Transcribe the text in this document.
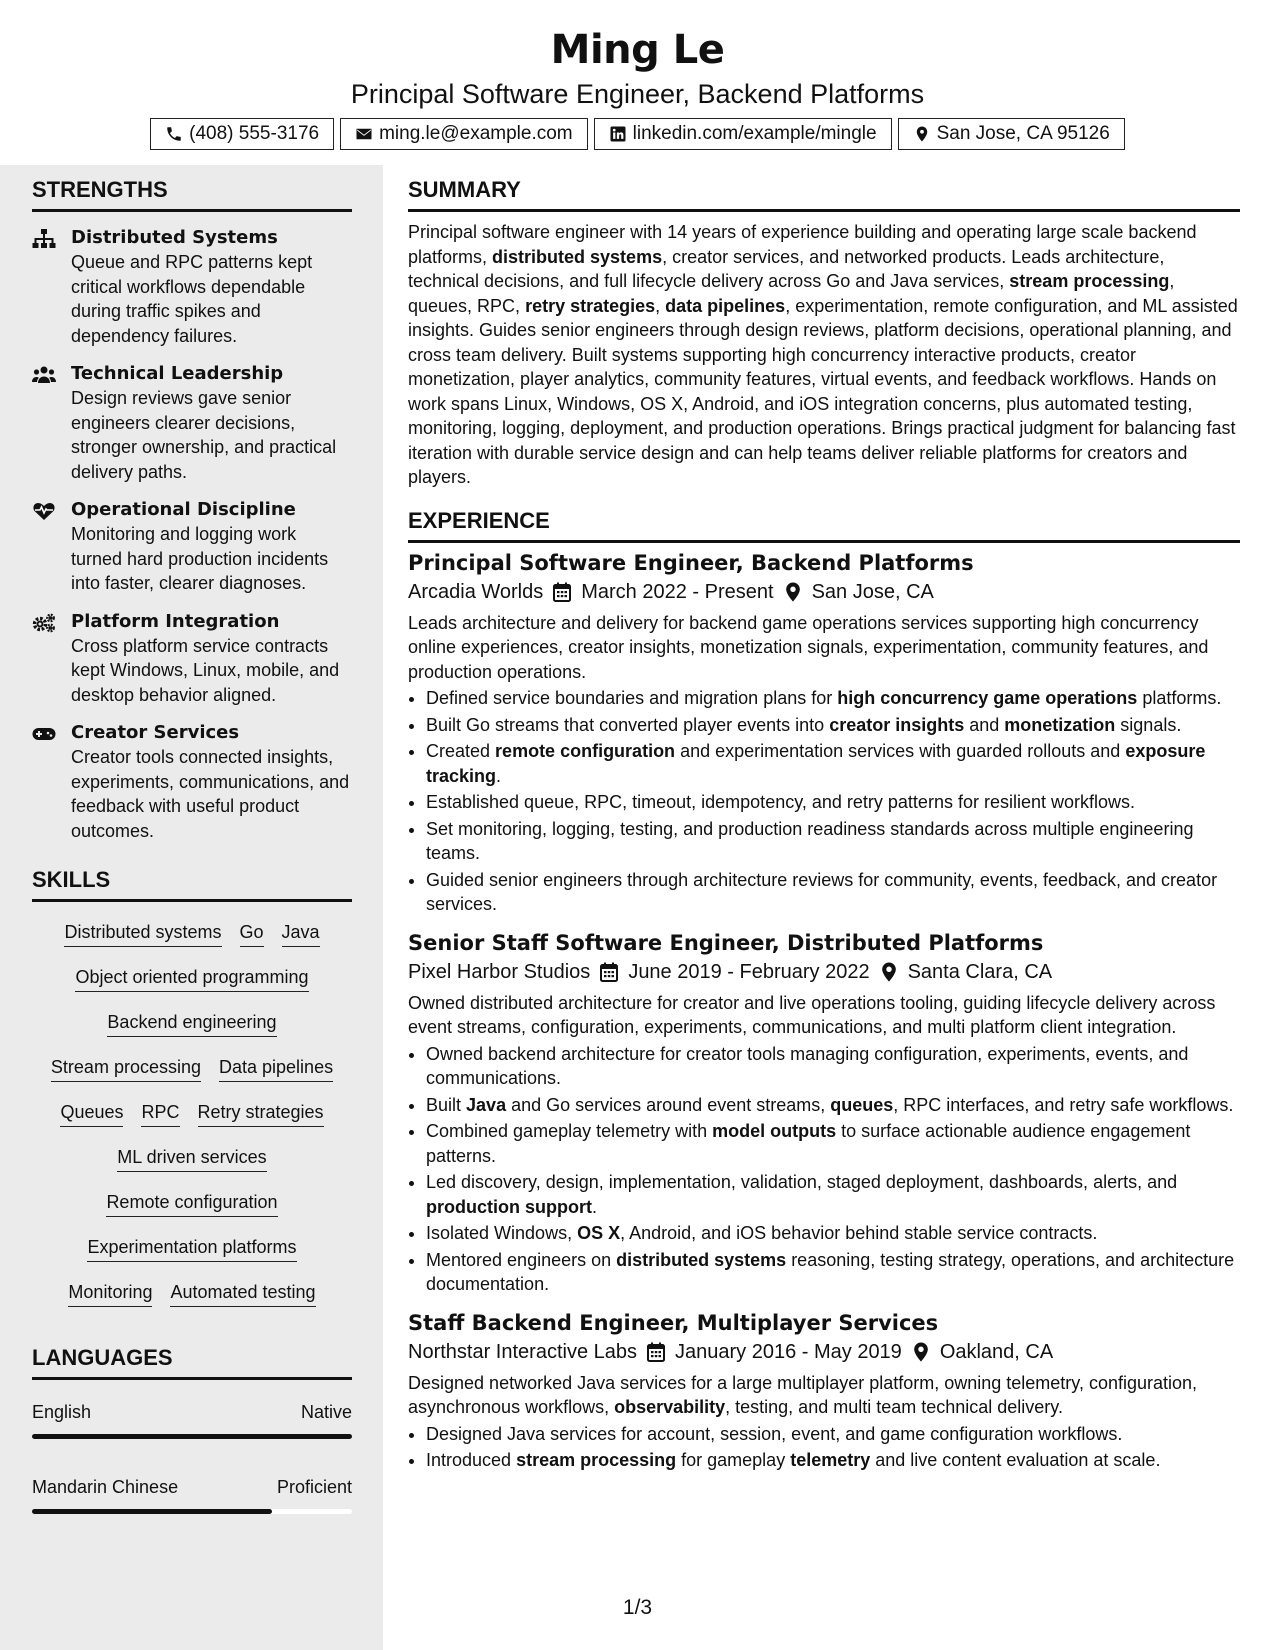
Ming Le
Principal Software Engineer, Backend Platforms
(408) 555-3176	ming.le@example.com	linkedin.com/example/mingle	San Jose, CA 95126
STRENGTHS
Distributed Systems
Queue and RPC patterns kept critical workflows dependable during traffic spikes and dependency failures.
Technical Leadership
Design reviews gave senior engineers clearer decisions, stronger ownership, and practical delivery paths.
Operational Discipline
Monitoring and logging work turned hard production incidents into faster, clearer diagnoses.
Platform Integration
Cross platform service contracts kept Windows, Linux, mobile, and desktop behavior aligned.
Creator Services
Creator tools connected insights, experiments, communications, and feedback with useful product outcomes.
SKILLS
Distributed systems Go Java
Object oriented programming
Backend engineering
Stream processing Data pipelines
Queues RPC Retry strategies
ML driven services
Remote configuration
Experimentation platforms
Monitoring Automated testing
LANGUAGES
English	Native
Mandarin Chinese	Proficient
SUMMARY
Principal software engineer with 14 years of experience building and operating large scale backend platforms, distributed systems, creator services, and networked products. Leads architecture, technical decisions, and full lifecycle delivery across Go and Java services, stream processing, queues, RPC, retry strategies, data pipelines, experimentation, remote configuration, and ML assisted insights. Guides senior engineers through design reviews, platform decisions, operational planning, and cross team delivery. Built systems supporting high concurrency interactive products, creator monetization, player analytics, community features, virtual events, and feedback workflows. Hands on work spans Linux, Windows, OS X, Android, and iOS integration concerns, plus automated testing, monitoring, logging, deployment, and production operations. Brings practical judgment for balancing fast iteration with durable service design and can help teams deliver reliable platforms for creators and players.
EXPERIENCE
Principal Software Engineer, Backend Platforms
Arcadia Worlds March 2022 - Present San Jose, CA
Leads architecture and delivery for backend game operations services supporting high concurrency online experiences, creator insights, monetization signals, experimentation, community features, and production operations.
• Defined service boundaries and migration plans for high concurrency game operations platforms.
• Built Go streams that converted player events into creator insights and monetization signals.
• Created remote configuration and experimentation services with guarded rollouts and exposure tracking.
• Established queue, RPC, timeout, idempotency, and retry patterns for resilient workflows.
• Set monitoring, logging, testing, and production readiness standards across multiple engineering teams.
• Guided senior engineers through architecture reviews for community, events, feedback, and creator services.
Senior Staff Software Engineer, Distributed Platforms
Pixel Harbor Studios June 2019 - February 2022 Santa Clara, CA
Owned distributed architecture for creator and live operations tooling, guiding lifecycle delivery across event streams, configuration, experiments, communications, and multi platform client integration.
• Owned backend architecture for creator tools managing configuration, experiments, events, and communications.
• Built Java and Go services around event streams, queues, RPC interfaces, and retry safe workflows.
• Combined gameplay telemetry with model outputs to surface actionable audience engagement patterns.
• Led discovery, design, implementation, validation, staged deployment, dashboards, alerts, and production support.
• Isolated Windows, OS X, Android, and iOS behavior behind stable service contracts.
• Mentored engineers on distributed systems reasoning, testing strategy, operations, and architecture documentation.
Staff Backend Engineer, Multiplayer Services
Northstar Interactive Labs January 2016 - May 2019 Oakland, CA
Designed networked Java services for a large multiplayer platform, owning telemetry, configuration, asynchronous workflows, observability, testing, and multi team technical delivery.
• Designed Java services for account, session, event, and game configuration workflows.
• Introduced stream processing for gameplay telemetry and live content evaluation at scale.
1/3
